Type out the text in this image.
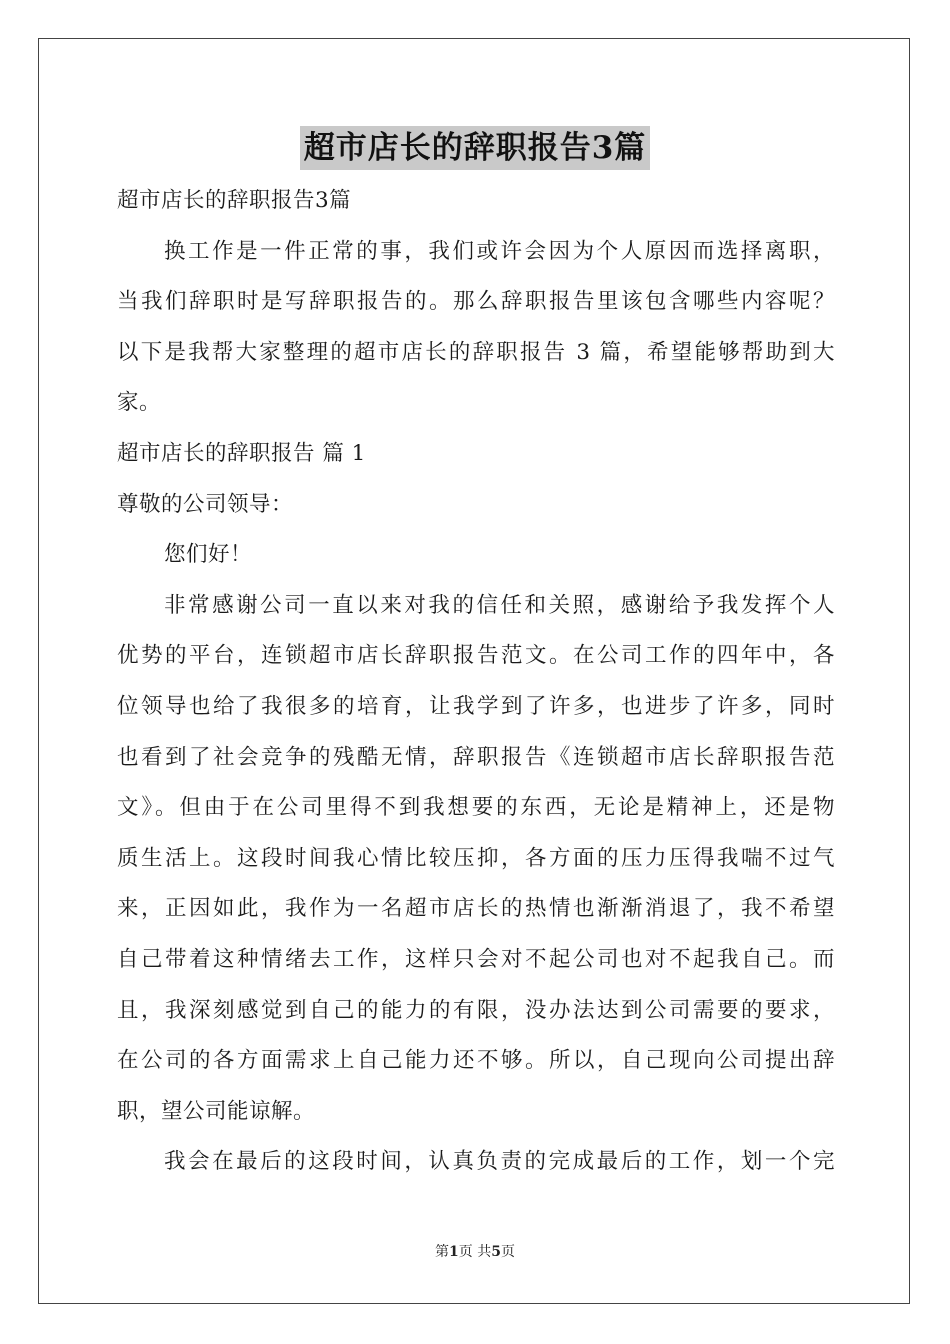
超市店长的辞职报告3篇
超市店长的辞职报告3篇
换工作是一件正常的事，我们或许会因为个人原因而选择离职，
当我们辞职时是写辞职报告的。那么辞职报告里该包含哪些内容呢？
以下是我帮大家整理的超市店长的辞职报告 3 篇，希望能够帮助到大
家。
超市店长的辞职报告 篇 1
尊敬的公司领导：
您们好！
非常感谢公司一直以来对我的信任和关照，感谢给予我发挥个人
优势的平台，连锁超市店长辞职报告范文。在公司工作的四年中，各
位领导也给了我很多的培育，让我学到了许多，也进步了许多，同时
也看到了社会竞争的残酷无情，辞职报告《连锁超市店长辞职报告范
文》。但由于在公司里得不到我想要的东西，无论是精神上，还是物
质生活上。这段时间我心情比较压抑，各方面的压力压得我喘不过气
来，正因如此，我作为一名超市店长的热情也渐渐消退了，我不希望
自己带着这种情绪去工作，这样只会对不起公司也对不起我自己。而
且，我深刻感觉到自己的能力的有限，没办法达到公司需要的要求，
在公司的各方面需求上自己能力还不够。所以，自己现向公司提出辞
职，望公司能谅解。
我会在最后的这段时间，认真负责的完成最后的工作，划一个完
第1页 共5页
